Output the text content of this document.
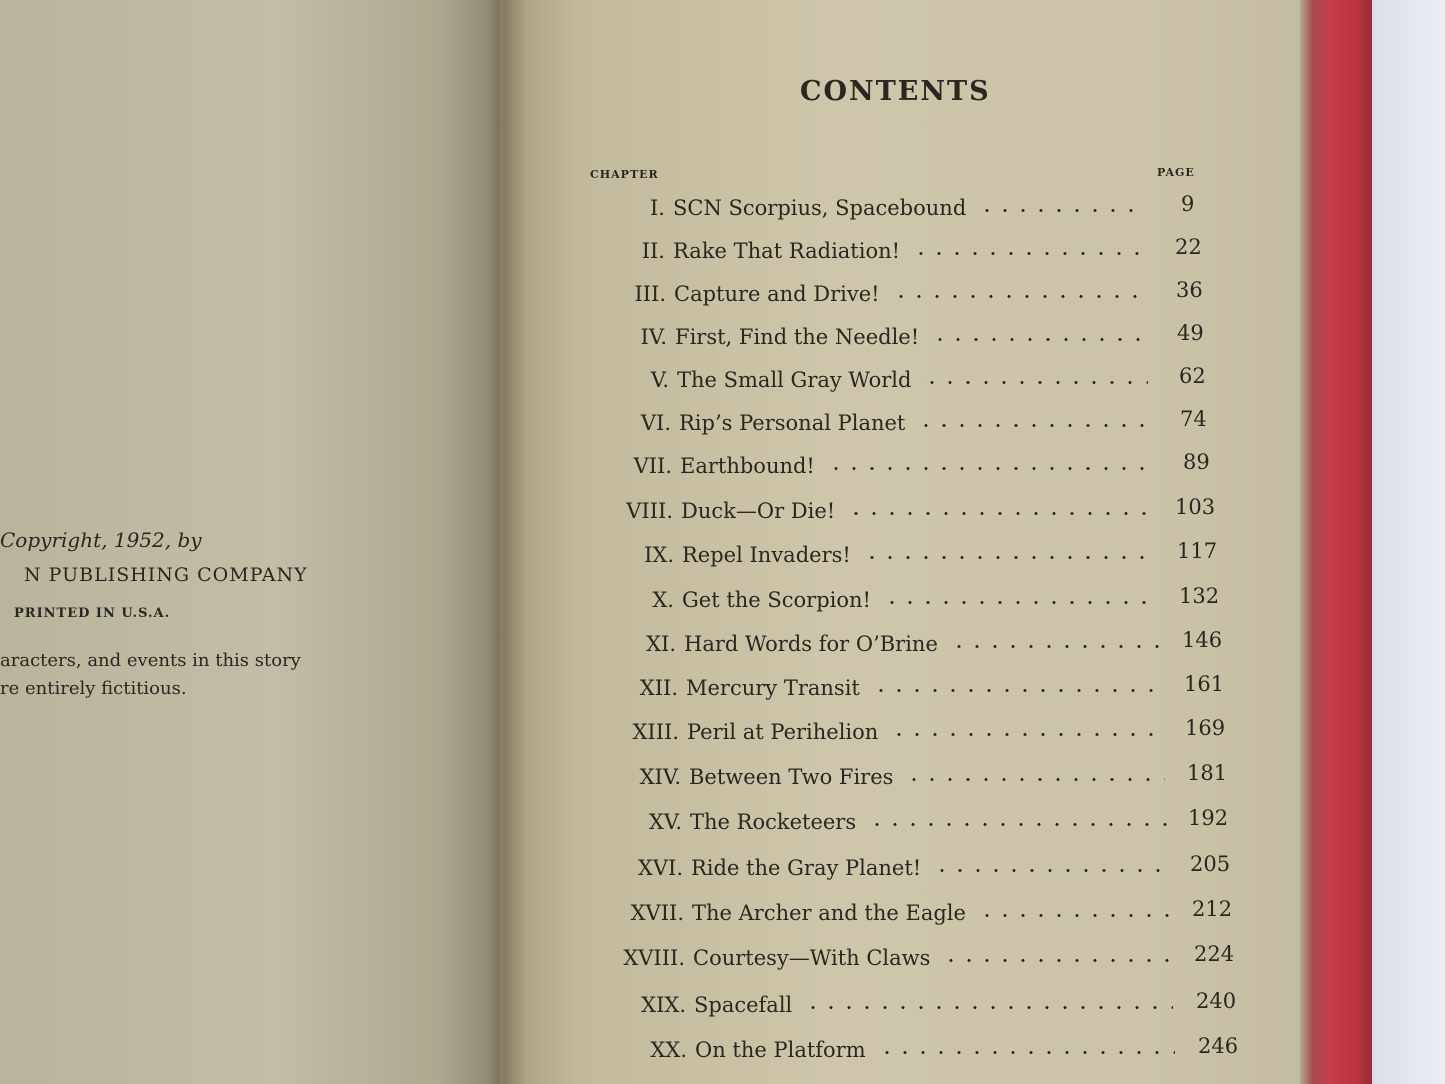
Copyright, 1952, by
N PUBLISHING COMPANY
PRINTED IN U.S.A.
aracters, and events in this story
re entirely fictitious.
CONTENTS
CHAPTER	PAGE
I. SCN Scorpius, Spacebound	9
II. Rake That Radiation!	22
III. Capture and Drive!	36
IV. First, Find the Needle!	49
V. The Small Gray World	62
VI. Rip’s Personal Planet	74
VII. Earthbound!	89
VIII. Duck—Or Die!	103
IX. Repel Invaders!	117
X. Get the Scorpion!	132
XI. Hard Words for O’Brine	146
XII. Mercury Transit	161
XIII. Peril at Perihelion	169
XIV. Between Two Fires	181
XV. The Rocketeers	192
XVI. Ride the Gray Planet!	205
XVII. The Archer and the Eagle	212
XVIII. Courtesy—With Claws	224
XIX. Spacefall	240
XX. On the Platform	246
